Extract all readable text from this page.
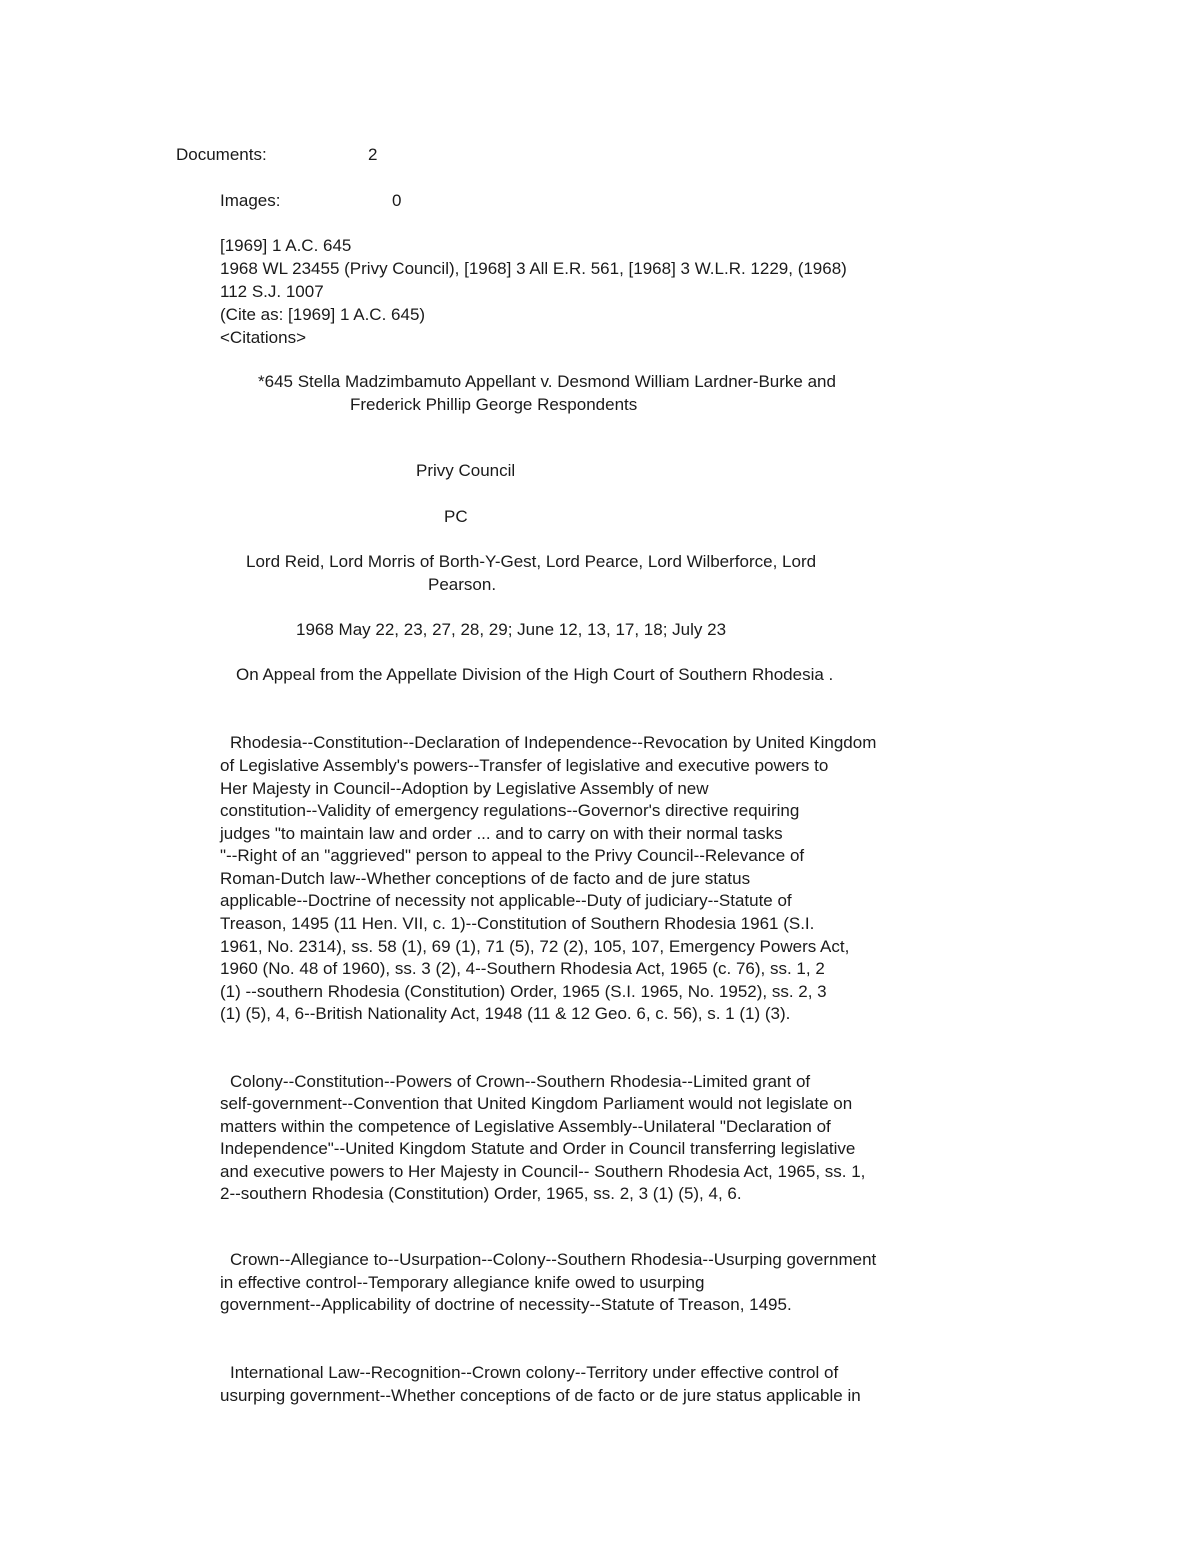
Documents:	2
Images:	0
[1969] 1 A.C. 645
1968 WL 23455 (Privy Council), [1968] 3 All E.R. 561, [1968] 3 W.L.R. 1229, (1968)
112 S.J. 1007
(Cite as: [1969] 1 A.C. 645)
<Citations>
*645 Stella Madzimbamuto Appellant v. Desmond William Lardner-Burke and
Frederick Phillip George Respondents
Privy Council
PC
Lord Reid, Lord Morris of Borth-Y-Gest, Lord Pearce, Lord Wilberforce, Lord
Pearson.
1968 May 22, 23, 27, 28, 29; June 12, 13, 17, 18; July 23
On Appeal from the Appellate Division of the High Court of Southern Rhodesia .
Rhodesia--Constitution--Declaration of Independence--Revocation by United Kingdom
of Legislative Assembly's powers--Transfer of legislative and executive powers to
Her Majesty in Council--Adoption by Legislative Assembly of new
constitution--Validity of emergency regulations--Governor's directive requiring
judges "to maintain law and order ... and to carry on with their normal tasks
"--Right of an "aggrieved" person to appeal to the Privy Council--Relevance of
Roman-Dutch law--Whether conceptions of de facto and de jure status
applicable--Doctrine of necessity not applicable--Duty of judiciary--Statute of
Treason, 1495 (11 Hen. VII, c. 1)--Constitution of Southern Rhodesia 1961 (S.I.
1961, No. 2314), ss. 58 (1), 69 (1), 71 (5), 72 (2), 105, 107, Emergency Powers Act,
1960 (No. 48 of 1960), ss. 3 (2), 4--Southern Rhodesia Act, 1965 (c. 76), ss. 1, 2
(1) --southern Rhodesia (Constitution) Order, 1965 (S.I. 1965, No. 1952), ss. 2, 3
(1) (5), 4, 6--British Nationality Act, 1948 (11 & 12 Geo. 6, c. 56), s. 1 (1) (3).
Colony--Constitution--Powers of Crown--Southern Rhodesia--Limited grant of
self-government--Convention that United Kingdom Parliament would not legislate on
matters within the competence of Legislative Assembly--Unilateral "Declaration of
Independence"--United Kingdom Statute and Order in Council transferring legislative
and executive powers to Her Majesty in Council-- Southern Rhodesia Act, 1965, ss. 1,
2--southern Rhodesia (Constitution) Order, 1965, ss. 2, 3 (1) (5), 4, 6.
Crown--Allegiance to--Usurpation--Colony--Southern Rhodesia--Usurping government
in effective control--Temporary allegiance knife owed to usurping
government--Applicability of doctrine of necessity--Statute of Treason, 1495.
International Law--Recognition--Crown colony--Territory under effective control of
usurping government--Whether conceptions of de facto or de jure status applicable in
